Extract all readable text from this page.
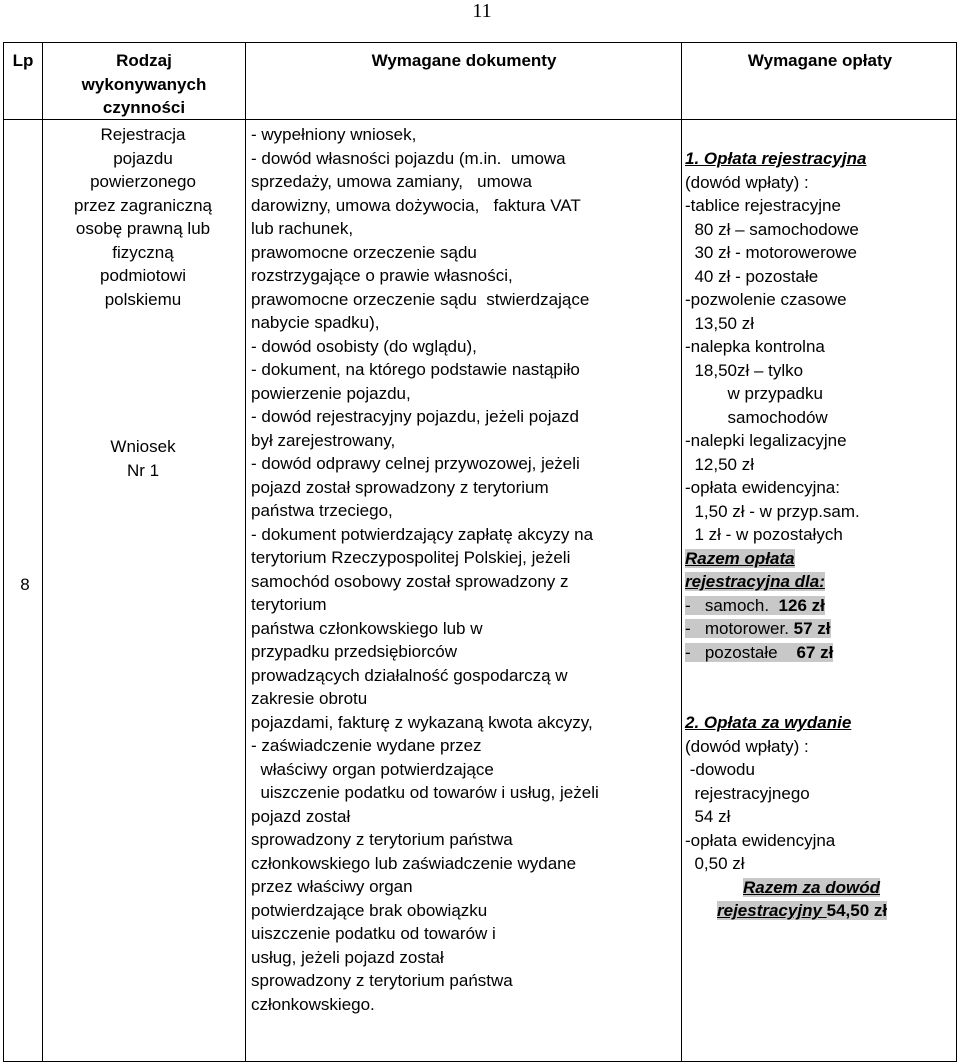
11
Lp	Rodzaj
wykonywanych
czynności
Wymagane dokumenty	Wymagane opłaty
8
Rejestracja
pojazdu
powierzonego
przez zagraniczną
osobę prawną lub
fizyczną
podmiotowi
polskiemu
Wniosek
Nr 1
- wypełniony wniosek,
- dowód własności pojazdu (m.in.  umowa
sprzedaży, umowa zamiany,   umowa
darowizny, umowa dożywocia,   faktura VAT
lub rachunek,
prawomocne orzeczenie sądu
rozstrzygające o prawie własności,
prawomocne orzeczenie sądu  stwierdzające
nabycie spadku),
- dowód osobisty (do wglądu),
- dokument, na którego podstawie nastąpiło
powierzenie pojazdu,
- dowód rejestracyjny pojazdu, jeżeli pojazd
był zarejestrowany,
- dowód odprawy celnej przywozowej, jeżeli
pojazd został sprowadzony z terytorium
państwa trzeciego,
- dokument potwierdzający zapłatę akcyzy na
terytorium Rzeczypospolitej Polskiej, jeżeli
samochód osobowy został sprowadzony z
terytorium
państwa członkowskiego lub w
przypadku przedsiębiorców
prowadzących działalność gospodarczą w
zakresie obrotu
pojazdami, fakturę z wykazaną kwota akcyzy,
- zaświadczenie wydane przez
właściwy organ potwierdzające
uiszczenie podatku od towarów i usług, jeżeli
pojazd został
sprowadzony z terytorium państwa
członkowskiego lub zaświadczenie wydane
przez właściwy organ
potwierdzające brak obowiązku
uiszczenie podatku od towarów i
usług, jeżeli pojazd został
sprowadzony z terytorium państwa
członkowskiego.
1. Opłata rejestracyjna
(dowód wpłaty) :
-tablice rejestracyjne
80 zł – samochodowe
30 zł - motorowerowe
40 zł - pozostałe
-pozwolenie czasowe
13,50 zł
-nalepka kontrolna
18,50zł – tylko
w przypadku
samochodów
-nalepki legalizacyjne
12,50 zł
-opłata ewidencyjna:
1,50 zł - w przyp.sam.
1 zł - w pozostałych
Razem opłata
rejestracyjna dla:
-   samoch.  126 zł
-   motorower. 57 zł
-   pozostałe    67 zł
2. Opłata za wydanie
(dowód wpłaty) :
-dowodu
rejestracyjnego
54 zł
-opłata ewidencyjna
0,50 zł
Razem za dowód
rejestracyjny 54,50 zł
